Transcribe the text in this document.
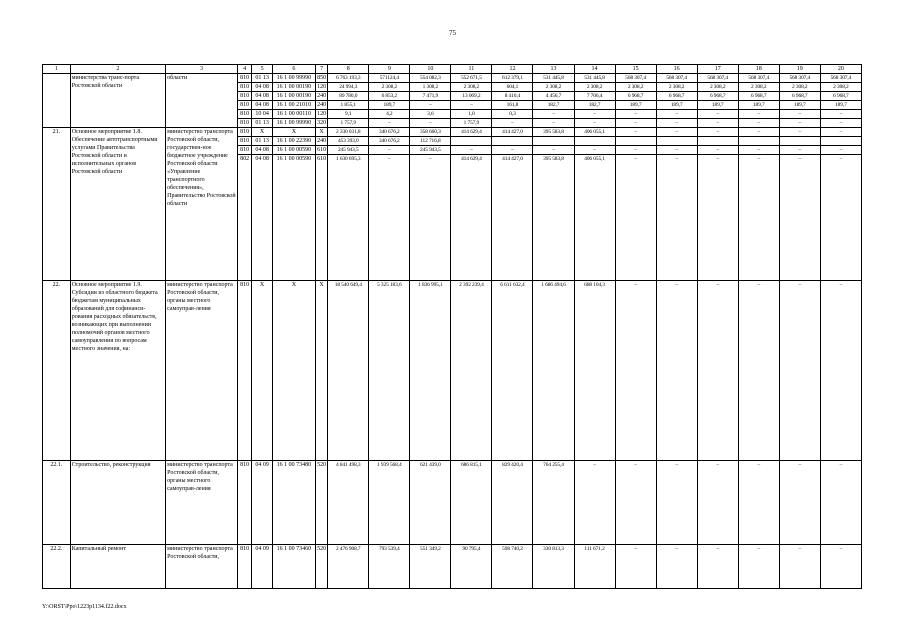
75
1	2	3	4	5	6	7	8	9	10	11	12	13	14	15	16	17	18	19	20
	министерства транс-порта Ростовской области	области	810	01 13	16 1 00 99990	850	6 763 193,3	571124,4	554 082,3	552 671,5	612 379,1	531 445,8	531 445,8	568 307,4	568 307,4	568 307,4	568 307,4	568 307,4	568 307,4
			810	04 08	16 1 00 00190	120	24 994,3	2 308,2	1 308,2	2 308,2	604,1	2 308,2	2 308,2	2 308,2	2 308,2	2 308,2	2 308,2	2 308,2	2 308,2
			810	04 08	16 1 00 00190	240	89 780,0	6 853,2	7 471,9	13 069,2	8 410,4	4 456,7	7 706,4	6 968,7	6 968,7	6 968,7	6 968,7	6 968,7	6 968,7
			810	04 08	16 1 00 21010	240	1 855,1	189,7	–	–	161,8	182,7	182,7	189,7	189,7	189,7	189,7	189,7	189,7
			810	10 04	16 1 00 00110	120	9,1	4,2	3,6	1,0	0,3	–	–	–	–	–	–	–	–
			810	01 13	16 1 00 99990	320	1 757,9	–	–	1 757,9	–	–	–	–	–	–	–	–	–
21.	Основное мероприятие 1.8. Обеспечение автотранспортными услугами Правительства Ростовской области и исполнительных органов Ростовской области	министерство транспорта Ростовской области, государствен-ное бюджетное учреждение Ростовской области «Управление транспортного обеспечения», Правительство Ростовской области	810	Х	Х	Х	2 330 031,8	340 676,2	358 660,3	414 629,4	414 427,0	395 583,8	406 055,1	–	–	–	–	–	–
			810	01 13	16 1 00 22390	240	453 393,0	340 676,2	112 716,8										
			810	04 08	16 1 00 00590	610	245 943,5	–	245 943,5	–	–	–	–	–	–	–	–	–	–
			802	04 08	16 1 00 00590	610	1 630 695,3	–	–	414 629,4	414 427,0	395 583,8	406 055,1	–	–	–	–	–	–
22.	Основное мероприятие 1.9. Субсидии из областного бюджета бюджетам муниципальных образований для софинанси-рования расходных обязательств, возникающих при выполнении полномочий органов местного самоуправления по вопросам местного значения, на:	министерство транспорта Ростовской области, органы местного самоуправ-ления	810	Х	Х	Х	18 540 649,4	5 325 183,6	1 836 995,1	2 392 239,4	6 611 632,4	1 686 494,6	688 104,3	–	–	–	–	–	–
22.1.	Строительство, реконструкция	министерство транспорта Ростовской области, органы местного самоуправ-ления	810	04 09	16 1 00 73480	520	4 841 498,3	1 939 568,4	621 439,0	686 815,1	829 420,4	764 255,4	–	–	–	–	–	–	–
22.2.	Капитальный ремонт	министерство транспорта Ростовской области,	810	04 09	16 1 00 73460	520	2 476 908,7	793 539,4	551 349,2	90 795,4	598 740,2	330 813,3	111 671,2	–	–	–	–	–	–
Y:\ORST\Ppo\1223p1134.f22.docx
